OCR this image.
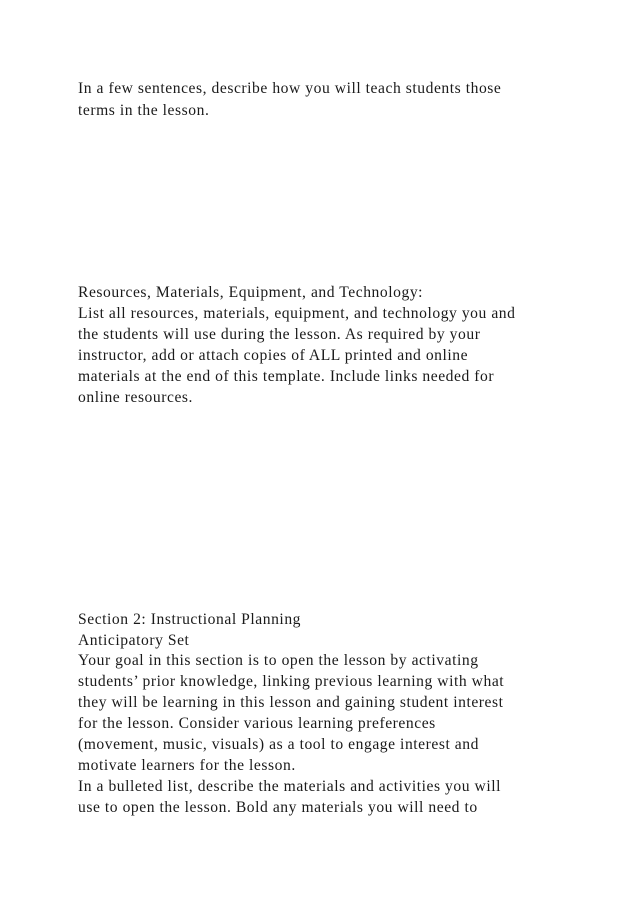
In a few sentences, describe how you will teach students those
terms in the lesson.
Resources, Materials, Equipment, and Technology:
List all resources, materials, equipment, and technology you and
the students will use during the lesson. As required by your
instructor, add or attach copies of ALL printed and online
materials at the end of this template. Include links needed for
online resources.
Section 2: Instructional Planning
Anticipatory Set
Your goal in this section is to open the lesson by activating
students’ prior knowledge, linking previous learning with what
they will be learning in this lesson and gaining student interest
for the lesson. Consider various learning preferences
(movement, music, visuals) as a tool to engage interest and
motivate learners for the lesson.
In a bulleted list, describe the materials and activities you will
use to open the lesson. Bold any materials you will need to
